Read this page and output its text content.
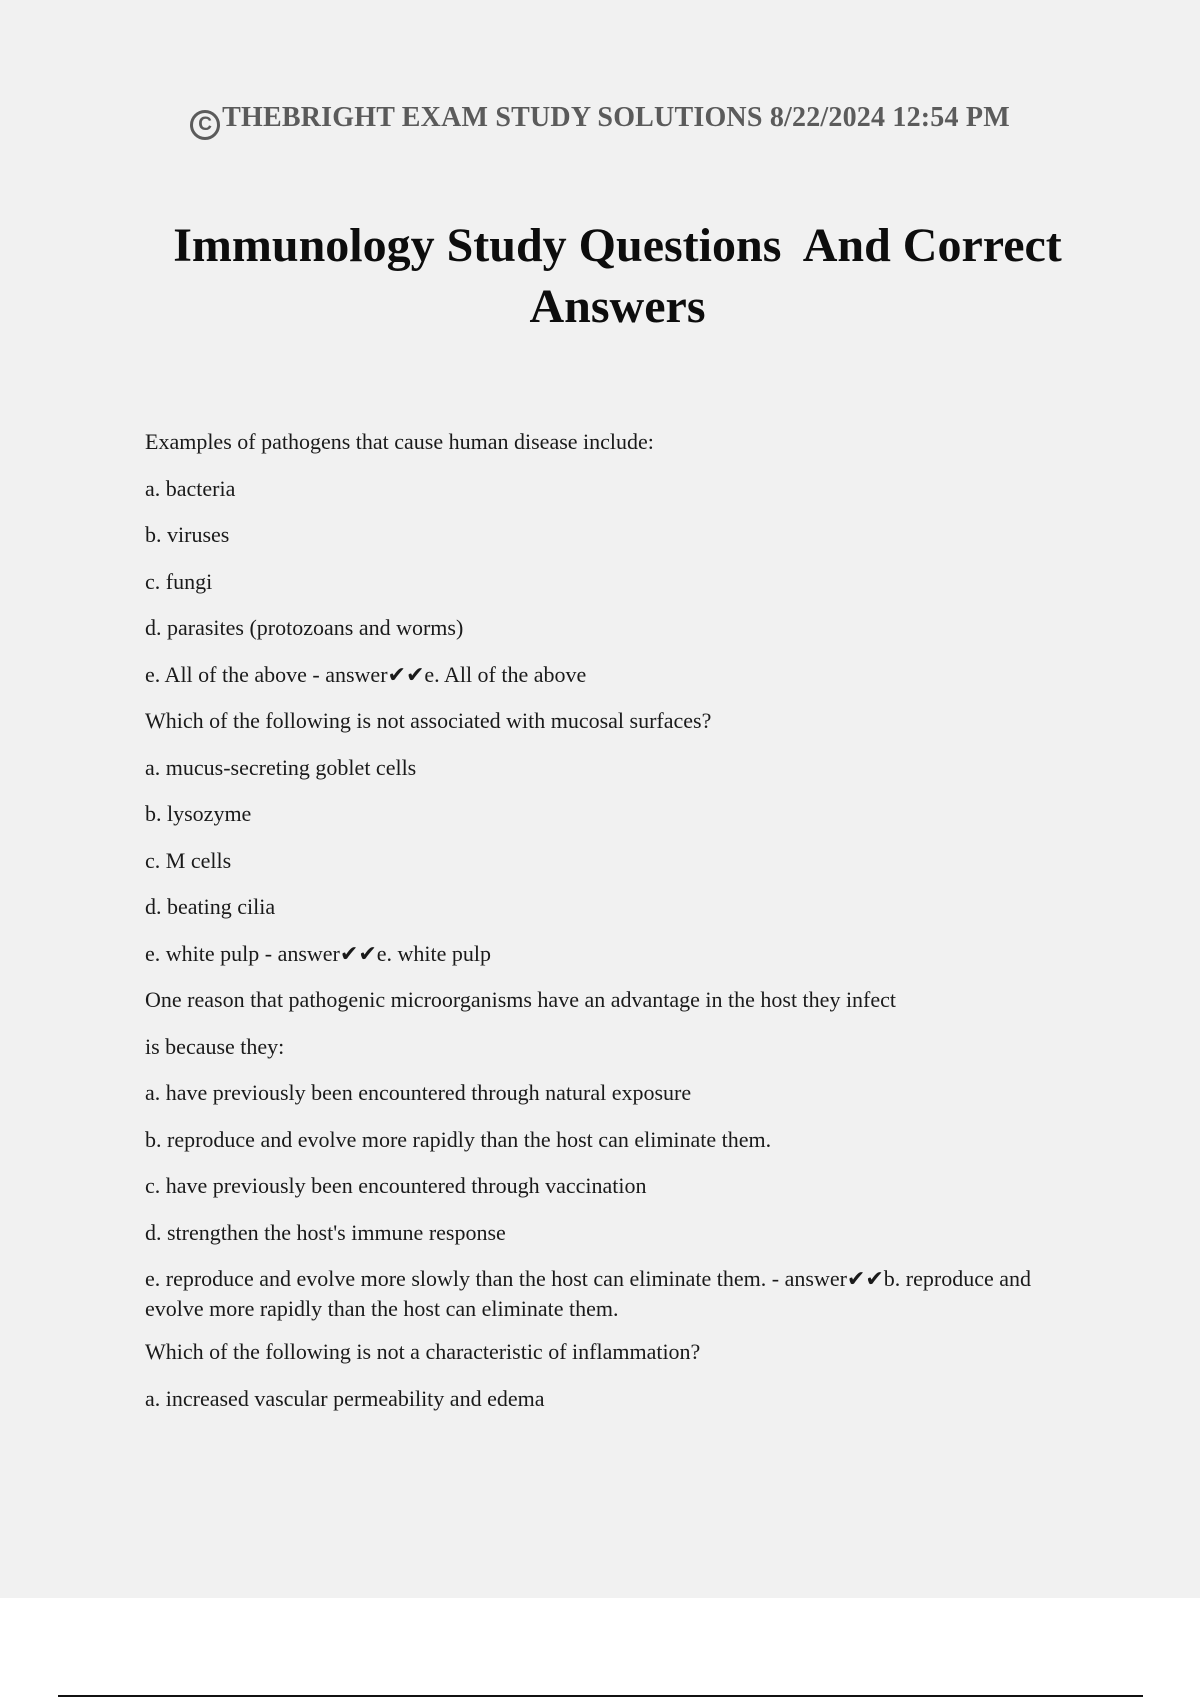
C THEBRIGHT EXAM STUDY SOLUTIONS 8/22/2024 12:54 PM
Immunology Study Questions  And Correct Answers
Examples of pathogens that cause human disease include:
a. bacteria
b. viruses
c. fungi
d. parasites (protozoans and worms)
e. All of the above - answer✔✔e. All of the above
Which of the following is not associated with mucosal surfaces?
a. mucus-secreting goblet cells
b. lysozyme
c. M cells
d. beating cilia
e. white pulp - answer✔✔e. white pulp
One reason that pathogenic microorganisms have an advantage in the host they infect
is because they:
a. have previously been encountered through natural exposure
b. reproduce and evolve more rapidly than the host can eliminate them.
c. have previously been encountered through vaccination
d. strengthen the host's immune response
e. reproduce and evolve more slowly than the host can eliminate them. - answer✔✔b. reproduce and evolve more rapidly than the host can eliminate them.
Which of the following is not a characteristic of inflammation?
a. increased vascular permeability and edema
